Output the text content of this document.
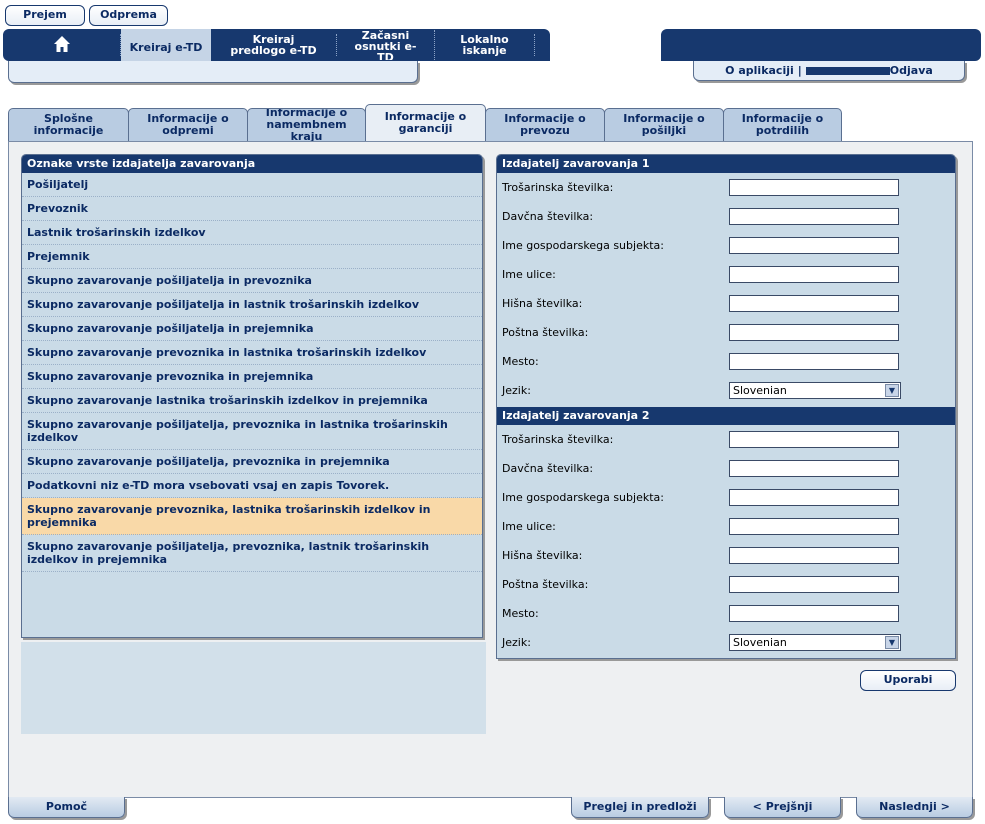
Prejem	Odprema
Kreiraj e-TD
Kreiraj predlogo e-TD
Začasni osnutki e-TD
Lokalno iskanje
O aplikaciji |	Odjava
Splošne informacije
Informacije o odpremi
Informacije o namembnem kraju
Informacije o garanciji
Informacije o prevozu
Informacije o pošiljki
Informacije o potrdilih
Oznake vrste izdajatelja zavarovanja
Pošiljatelj
Prevoznik
Lastnik trošarinskih izdelkov
Prejemnik
Skupno zavarovanje pošiljatelja in prevoznika
Skupno zavarovanje pošiljatelja in lastnik trošarinskih izdelkov
Skupno zavarovanje pošiljatelja in prejemnika
Skupno zavarovanje prevoznika in lastnika trošarinskih izdelkov
Skupno zavarovanje prevoznika in prejemnika
Skupno zavarovanje lastnika trošarinskih izdelkov in prejemnika
Skupno zavarovanje pošiljatelja, prevoznika in lastnika trošarinskih izdelkov
Skupno zavarovanje pošiljatelja, prevoznika in prejemnika
Podatkovni niz e-TD mora vsebovati vsaj en zapis Tovorek.
Skupno zavarovanje prevoznika, lastnika trošarinskih izdelkov in prejemnika
Skupno zavarovanje pošiljatelja, prevoznika, lastnik trošarinskih izdelkov in prejemnika
Izdajatelj zavarovanja 1
Trošarinska številka:
Davčna številka:
Ime gospodarskega subjekta:
Ime ulice:
Hišna številka:
Poštna številka:
Mesto:
Jezik:	Slovenian	▼
Izdajatelj zavarovanja 2
Trošarinska številka:
Davčna številka:
Ime gospodarskega subjekta:
Ime ulice:
Hišna številka:
Poštna številka:
Mesto:
Jezik:	Slovenian	▼
Uporabi
Pomoč	Preglej in predloži	< Prejšnji	Naslednji >
